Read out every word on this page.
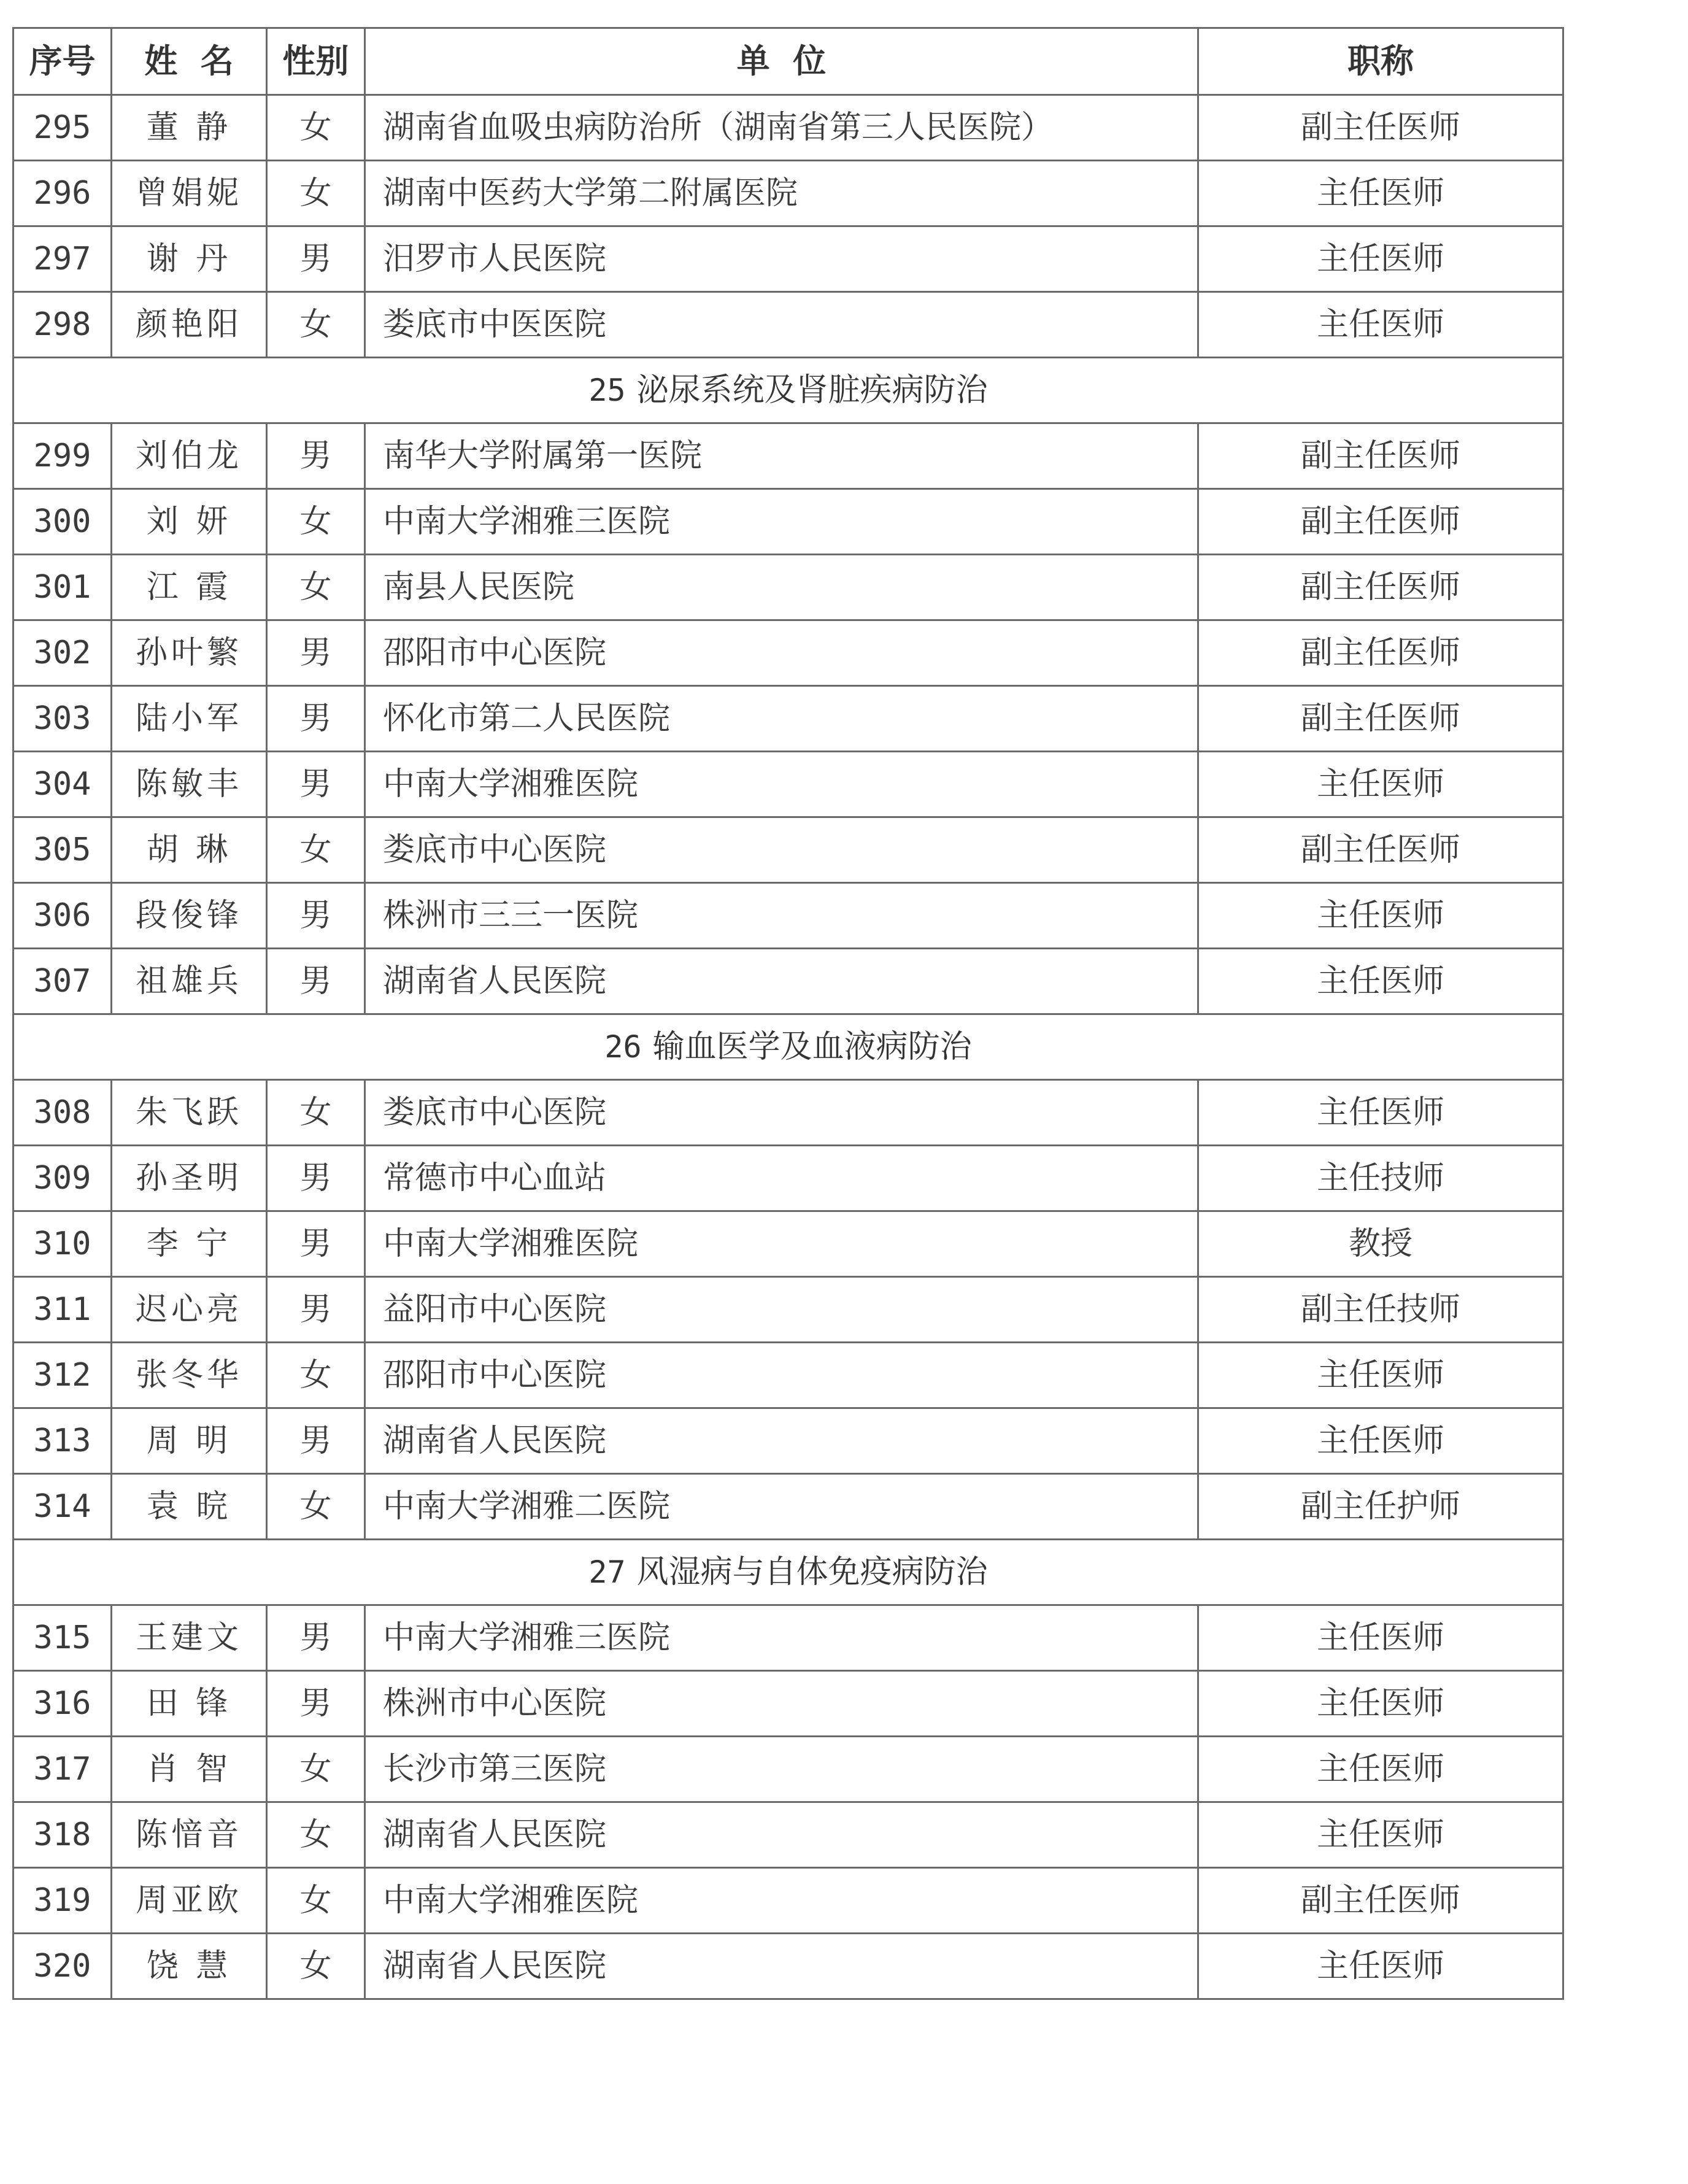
序号	姓  名	性别	单  位	职称
295	董 静	女	湖南省血吸虫病防治所（湖南省第三人民医院）	副主任医师
296	曾娟妮	女	湖南中医药大学第二附属医院	主任医师
297	谢 丹	男	汨罗市人民医院	主任医师
298	颜艳阳	女	娄底市中医医院	主任医师
25 泌尿系统及肾脏疾病防治				
299	刘伯龙	男	南华大学附属第一医院	副主任医师
300	刘 妍	女	中南大学湘雅三医院	副主任医师
301	江 霞	女	南县人民医院	副主任医师
302	孙叶繁	男	邵阳市中心医院	副主任医师
303	陆小军	男	怀化市第二人民医院	副主任医师
304	陈敏丰	男	中南大学湘雅医院	主任医师
305	胡 琳	女	娄底市中心医院	副主任医师
306	段俊锋	男	株洲市三三一医院	主任医师
307	祖雄兵	男	湖南省人民医院	主任医师
26 输血医学及血液病防治				
308	朱飞跃	女	娄底市中心医院	主任医师
309	孙圣明	男	常德市中心血站	主任技师
310	李 宁	男	中南大学湘雅医院	教授
311	迟心亮	男	益阳市中心医院	副主任技师
312	张冬华	女	邵阳市中心医院	主任医师
313	周 明	男	湖南省人民医院	主任医师
314	袁 晥	女	中南大学湘雅二医院	副主任护师
27 风湿病与自体免疫病防治				
315	王建文	男	中南大学湘雅三医院	主任医师
316	田 锋	男	株洲市中心医院	主任医师
317	肖 智	女	长沙市第三医院	主任医师
318	陈愔音	女	湖南省人民医院	主任医师
319	周亚欧	女	中南大学湘雅医院	副主任医师
320	饶 慧	女	湖南省人民医院	主任医师
